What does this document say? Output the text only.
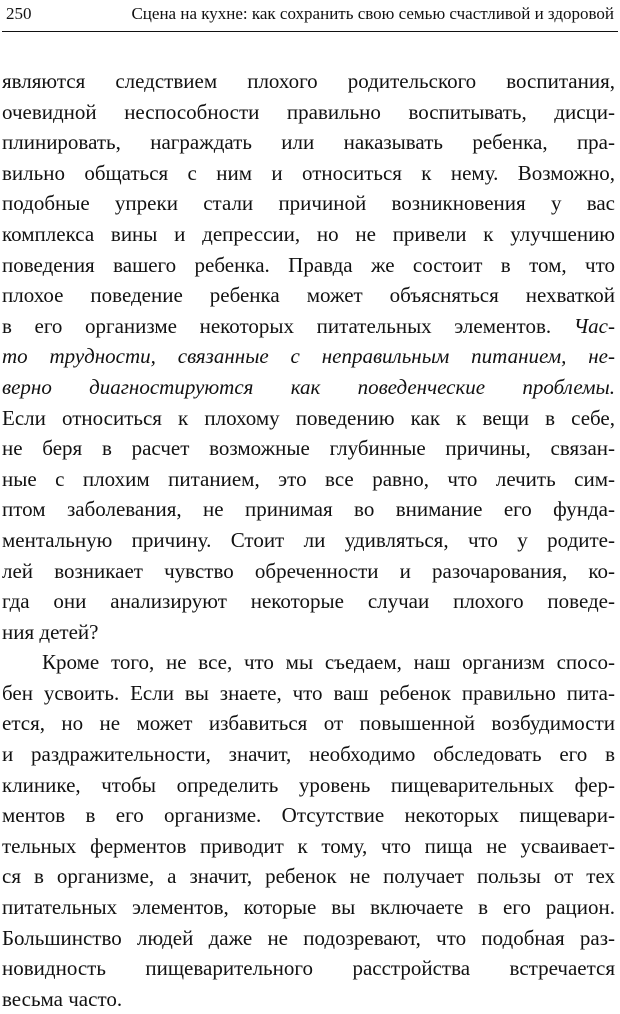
250	Сцена на кухне: как сохранить свою семью счастливой и здоровой
являются следствием плохого родительского воспитания,
очевидной неспособности правильно воспитывать, дисци-
плинировать, награждать или наказывать ребенка, пра-
вильно общаться с ним и относиться к нему. Возможно,
подобные упреки стали причиной возникновения у вас
комплекса вины и депрессии, но не привели к улучшению
поведения вашего ребенка. Правда же состоит в том, что
плохое поведение ребенка может объясняться нехваткой
в его организме некоторых питательных элементов. Час-
то трудности, связанные с неправильным питанием, не-
верно диагностируются как поведенческие проблемы.
Если относиться к плохому поведению как к вещи в себе,
не беря в расчет возможные глубинные причины, связан-
ные с плохим питанием, это все равно, что лечить сим-
птом заболевания, не принимая во внимание его фунда-
ментальную причину. Стоит ли удивляться, что у родите-
лей возникает чувство обреченности и разочарования, ко-
гда они анализируют некоторые случаи плохого поведе-
ния детей?
Кроме того, не все, что мы съедаем, наш организм спосо-
бен усвоить. Если вы знаете, что ваш ребенок правильно пита-
ется, но не может избавиться от повышенной возбудимости
и раздражительности, значит, необходимо обследовать его в
клинике, чтобы определить уровень пищеварительных фер-
ментов в его организме. Отсутствие некоторых пищевари-
тельных ферментов приводит к тому, что пища не усваивает-
ся в организме, а значит, ребенок не получает пользы от тех
питательных элементов, которые вы включаете в его рацион.
Большинство людей даже не подозревают, что подобная раз-
новидность пищеварительного расстройства встречается
весьма часто.
